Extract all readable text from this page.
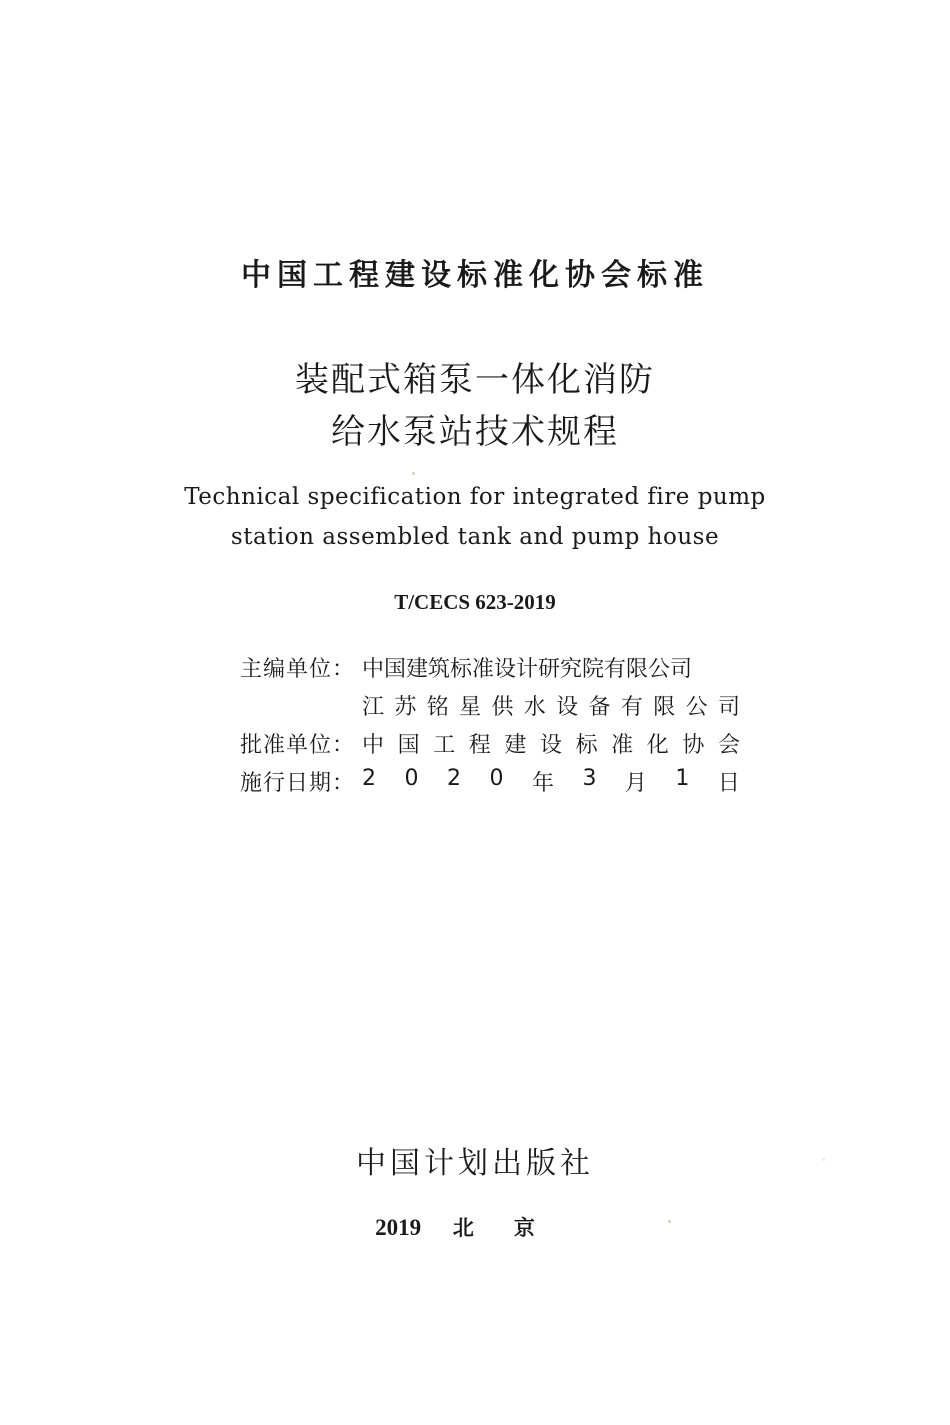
中国工程建设标准化协会标准
装配式箱泵一体化消防
给水泵站技术规程
Technical specification for integrated fire pump
station assembled tank and pump house
T/CECS 623-2019
主编单位： 中国建筑标准设计研究院有限公司
江 苏 铭 星 供 水 设 备 有 限 公 司
批准单位： 中 国 工 程 建 设 标 准 化 协 会
施行日期： 2 0 2 0 年 3 月 1 日
中国计划出版社
2019 北京
